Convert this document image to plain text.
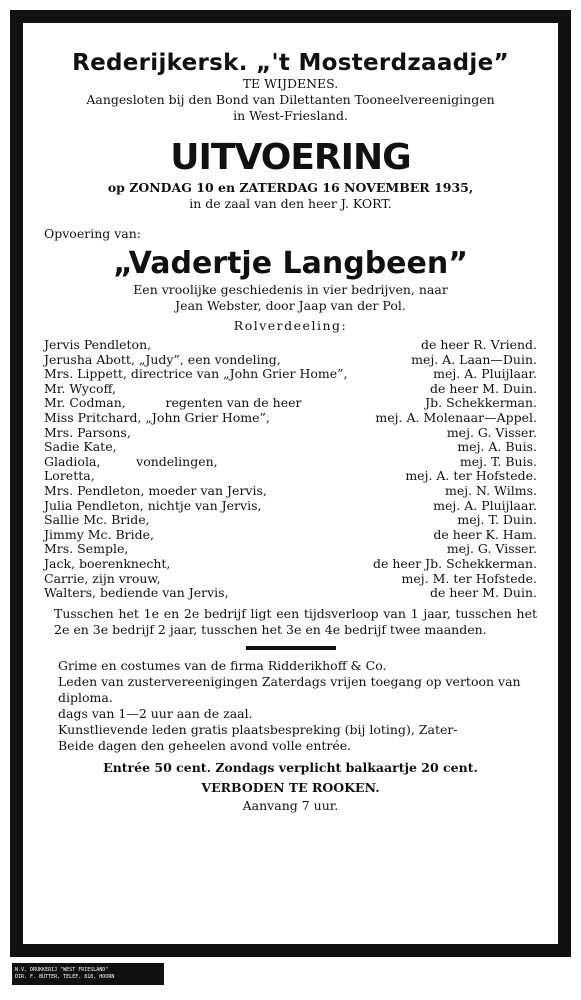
Rederijkersk. „'t Mosterdzaadje”

TE WIJDENES.
Aangesloten bij den Bond van Dilettanten Tooneelvereenigingen
in West-Friesland.
UITVOERING
op ZONDAG 10 en ZATERDAG 16 NOVEMBER 1935,
in de zaal van den heer J. KORT.
Opvoering van:
„Vadertje Langbeen”
Een vroolijke geschiedenis in vier bedrijven, naar
Jean Webster, door Jaap van der Pol.
Rolverdeeling:
Jervis Pendleton,	de heer R. Vriend.
Jerusha Abott, „Judy”, een vondeling,	mej. A. Laan—Duin.
Mrs. Lippett, directrice van „John Grier Home”,	mej. A. Pluijlaar.
Mr. Wycoff,	de heer M. Duin.
Mr. Codman,          regenten van de heer	Jb. Schekkerman.
Miss Pritchard, „John Grier Home”,	mej. A. Molenaar—Appel.
Mrs. Parsons,	mej. G. Visser.
Sadie Kate,	mej. A. Buis.
Gladiola,         vondelingen,	mej. T. Buis.
Loretta,	mej. A. ter Hofstede.
Mrs. Pendleton, moeder van Jervis,	mej. N. Wilms.
Julia Pendleton, nichtje van Jervis,	mej. A. Pluijlaar.
Sallie Mc. Bride,	mej. T. Duin.
Jimmy Mc. Bride,	de heer K. Ham.
Mrs. Semple,	mej. G. Visser.
Jack, boerenknecht,	de heer Jb. Schekkerman.
Carrie, zijn vrouw,	mej. M. ter Hofstede.
Walters, bediende van Jervis,	de heer M. Duin.
Tusschen het 1e en 2e bedrijf ligt een tijdsverloop van 1 jaar, tusschen het 2e en 3e bedrijf 2 jaar, tusschen het 3e en 4e bedrijf twee maanden.
Grime en costumes van de firma Ridderikhoff & Co.
Leden van zustervereenigingen Zaterdags vrijen toegang op vertoon van diploma.
dags van 1—2 uur aan de zaal.
Kunstlievende leden gratis plaatsbespreking (bij loting), Zater-
Beide dagen den geheelen avond volle entrée.
Entrée 50 cent. Zondags verplicht balkaartje 20 cent.
VERBODEN TE ROOKEN.
Aanvang 7 uur.
N.V. DRUKKERIJ "WEST FRIESLAND"
DIR. F. BUTTER, TELEF. 810, HOORN
